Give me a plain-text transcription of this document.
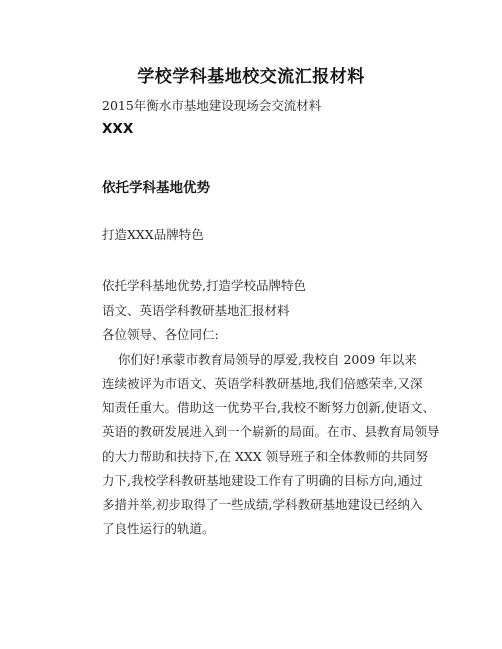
学校学科基地校交流汇报材料
2015年衡水市基地建设现场会交流材料
XXX
依托学科基地优势
打造XXX品牌特色
依托学科基地优势,打造学校品牌特色
语文、英语学科教研基地汇报材料
各位领导、各位同仁:
你们好!承蒙市教育局领导的厚爱,我校自 2009 年以来
连续被评为市语文、英语学科教研基地,我们倍感荣幸,又深
知责任重大。借助这一优势平台,我校不断努力创新,使语文、
英语的教研发展进入到一个崭新的局面。在市、县教育局领导
的大力帮助和扶持下,在 XXX 领导班子和全体教师的共同努
力下,我校学科教研基地建设工作有了明确的目标方向,通过
多措并举,初步取得了一些成绩,学科教研基地建设已经纳入
了良性运行的轨道。
